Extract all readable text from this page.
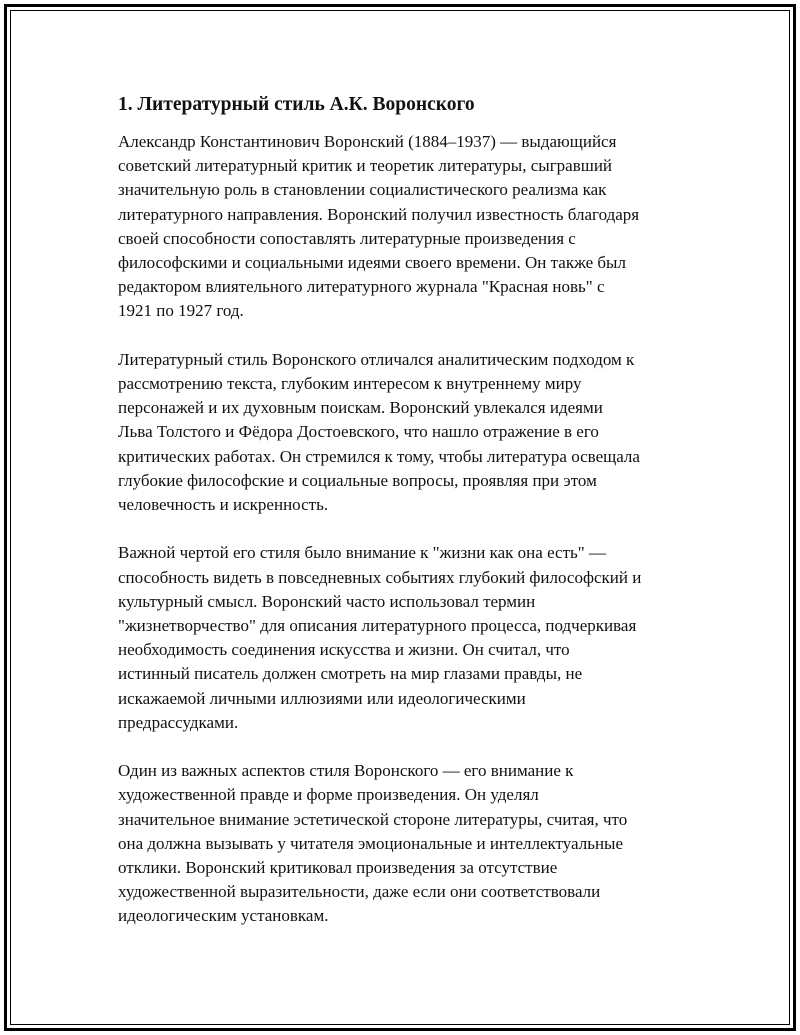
1. Литературный стиль А.К. Воронского

Александр Константинович Воронский (1884–1937) — выдающийся
советский литературный критик и теоретик литературы, сыгравший
значительную роль в становлении социалистического реализма как
литературного направления. Воронский получил известность благодаря
своей способности сопоставлять литературные произведения с
философскими и социальными идеями своего времени. Он также был
редактором влиятельного литературного журнала "Красная новь" с
1921 по 1927 год.

Литературный стиль Воронского отличался аналитическим подходом к
рассмотрению текста, глубоким интересом к внутреннему миру
персонажей и их духовным поискам. Воронский увлекался идеями
Льва Толстого и Фёдора Достоевского, что нашло отражение в его
критических работах. Он стремился к тому, чтобы литература освещала
глубокие философские и социальные вопросы, проявляя при этом
человечность и искренность.

Важной чертой его стиля было внимание к "жизни как она есть" —
способность видеть в повседневных событиях глубокий философский и
культурный смысл. Воронский часто использовал термин
"жизнетворчество" для описания литературного процесса, подчеркивая
необходимость соединения искусства и жизни. Он считал, что
истинный писатель должен смотреть на мир глазами правды, не
искажаемой личными иллюзиями или идеологическими
предрассудками.

Один из важных аспектов стиля Воронского — его внимание к
художественной правде и форме произведения. Он уделял
значительное внимание эстетической стороне литературы, считая, что
она должна вызывать у читателя эмоциональные и интеллектуальные
отклики. Воронский критиковал произведения за отсутствие
художественной выразительности, даже если они соответствовали
идеологическим установкам.
